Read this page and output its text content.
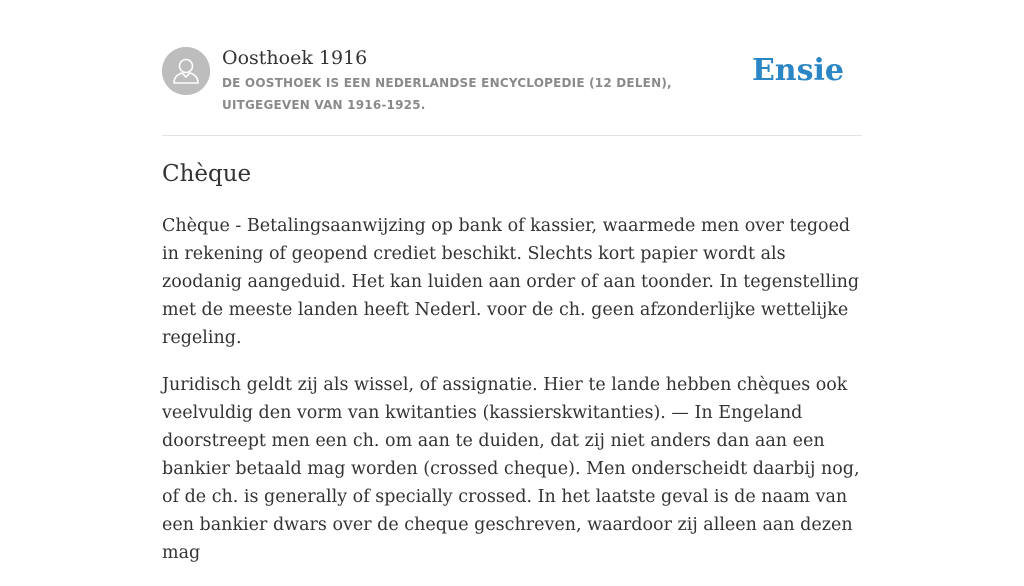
Oosthoek 1916
DE OOSTHOEK IS EEN NEDERLANDSE ENCYCLOPEDIE (12 DELEN), UITGEGEVEN VAN 1916-1925.
Ensie
Chèque

Chèque - Betalingsaanwijzing op bank of kassier, waarmede men over tegoed in rekening of geopend crediet beschikt. Slechts kort papier wordt als zoodanig aangeduid. Het kan luiden aan order of aan toonder. In tegenstelling met de meeste landen heeft Nederl. voor de ch. geen afzonderlijke wettelijke regeling.

Juridisch geldt zij als wissel, of assignatie. Hier te lande hebben chèques ook veelvuldig den vorm van kwitanties (kassierskwitanties). — In Engeland doorstreept men een ch. om aan te duiden, dat zij niet anders dan aan een bankier betaald mag worden (crossed cheque). Men onderscheidt daarbij nog, of de ch. is generally of specially crossed. In het laatste geval is de naam van een bankier dwars over de cheque geschreven, waardoor zij alleen aan dezen mag
